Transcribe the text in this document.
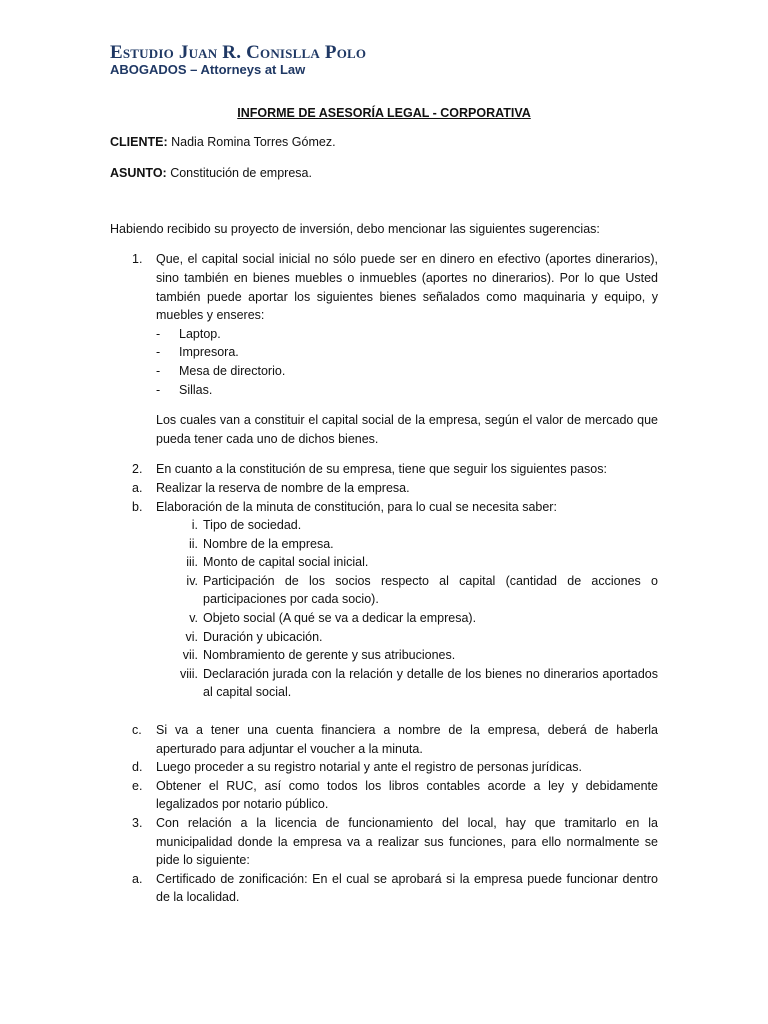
Estudio Juan R. Conislla Polo
ABOGADOS – Attorneys at Law
INFORME DE ASESORÍA LEGAL - CORPORATIVA
CLIENTE: Nadia Romina Torres Gómez.
ASUNTO: Constitución de empresa.
Habiendo recibido su proyecto de inversión, debo mencionar las siguientes sugerencias:
1. Que, el capital social inicial no sólo puede ser en dinero en efectivo (aportes dinerarios), sino también en bienes muebles o inmuebles (aportes no dinerarios). Por lo que Usted también puede aportar los siguientes bienes señalados como maquinaria y equipo, y muebles y enseres:

- Laptop.
- Impresora.
- Mesa de directorio.
- Sillas.

Los cuales van a constituir el capital social de la empresa, según el valor de mercado que pueda tener cada uno de dichos bienes.

2.	En cuanto a la constitución de su empresa, tiene que seguir los siguientes pasos:

a. Realizar la reserva de nombre de la empresa.
b. Elaboración de la minuta de constitución, para lo cual se necesita saber:
i. Tipo de sociedad.
ii. Nombre de la empresa.
iii. Monto de capital social inicial.
iv. Participación de los socios respecto al capital (cantidad de acciones o participaciones por cada socio).
v. Objeto social (A qué se va a dedicar la empresa).
vi. Duración y ubicación.
vii. Nombramiento de gerente y sus atribuciones.
viii. Declaración jurada con la relación y detalle de los bienes no dinerarios aportados al capital social.
c. Si va a tener una cuenta financiera a nombre de la empresa, deberá de haberla aperturado para adjuntar el voucher a la minuta.
d. Luego proceder a su registro notarial y ante el registro de personas jurídicas.
e. Obtener el RUC, así como todos los libros contables acorde a ley y debidamente legalizados por notario público.
3. Con relación a la licencia de funcionamiento del local, hay que tramitarlo en la municipalidad donde la empresa va a realizar sus funciones, para ello normalmente se pide lo siguiente:

a. Certificado de zonificación: En el cual se aprobará si la empresa puede funcionar dentro de la localidad.
